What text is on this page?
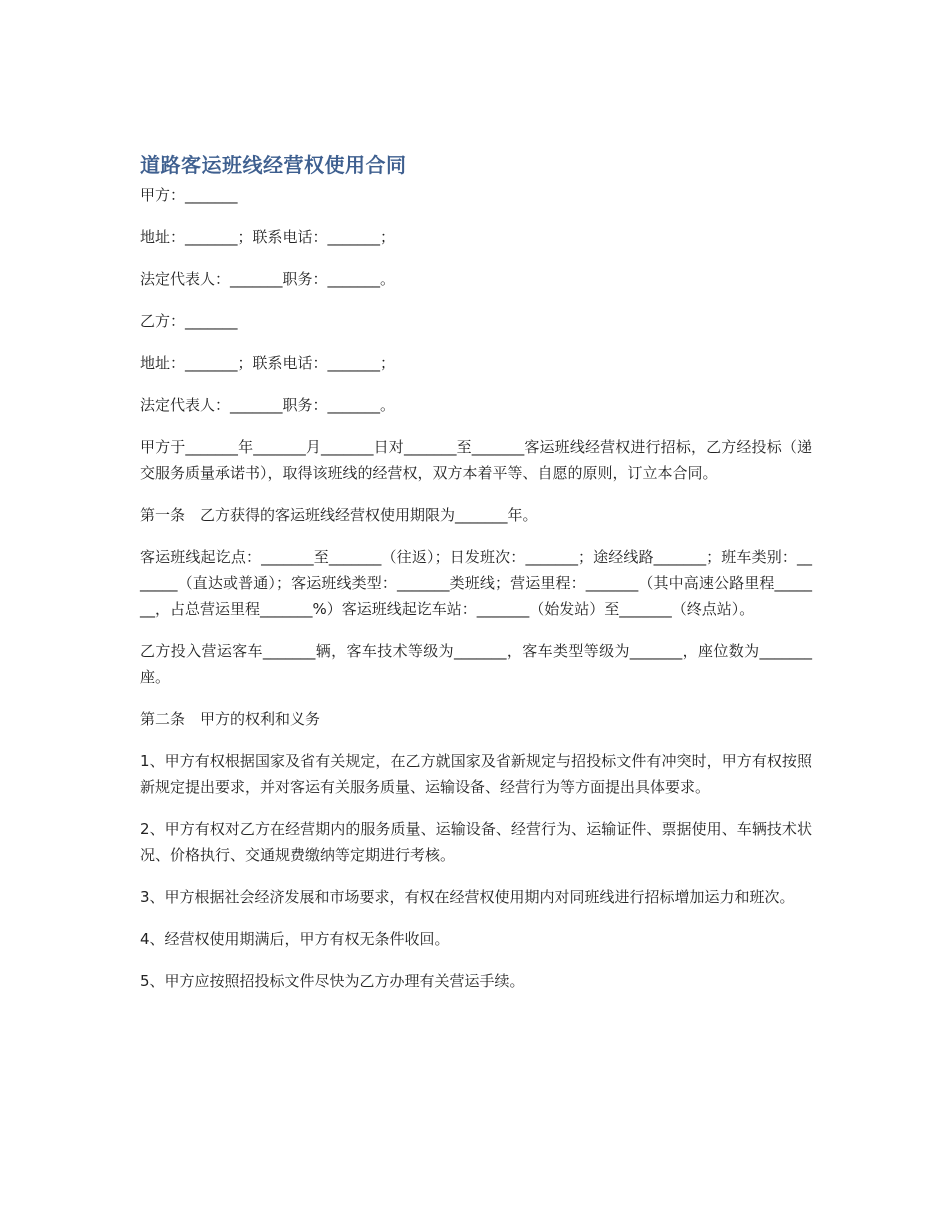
道路客运班线经营权使用合同

甲方：_______

地址：_______；联系电话：_______；

法定代表人：_______职务：_______。

乙方：_______

地址：_______；联系电话：_______；

法定代表人：_______职务：_______。

甲方于_______年_______月_______日对_______至_______客运班线经营权进行招标，乙方经投标（递交服务质量承诺书），取得该班线的经营权，双方本着平等、自愿的原则，订立本合同。

第一条　乙方获得的客运班线经营权使用期限为_______年。

客运班线起讫点：_______至_______（往返）；日发班次：_______；途经线路_______；班车类别：_______（直达或普通）；客运班线类型：_______类班线；营运里程：_______（其中高速公路里程_______，占总营运里程_______%）客运班线起讫车站：_______（始发站）至_______（终点站）。

乙方投入营运客车_______辆，客车技术等级为_______，客车类型等级为_______，座位数为_______座。

第二条　甲方的权利和义务

1、甲方有权根据国家及省有关规定，在乙方就国家及省新规定与招投标文件有冲突时，甲方有权按照新规定提出要求，并对客运有关服务质量、运输设备、经营行为等方面提出具体要求。

2、甲方有权对乙方在经营期内的服务质量、运输设备、经营行为、运输证件、票据使用、车辆技术状况、价格执行、交通规费缴纳等定期进行考核。

3、甲方根据社会经济发展和市场要求，有权在经营权使用期内对同班线进行招标增加运力和班次。

4、经营权使用期满后，甲方有权无条件收回。

5、甲方应按照招投标文件尽快为乙方办理有关营运手续。
